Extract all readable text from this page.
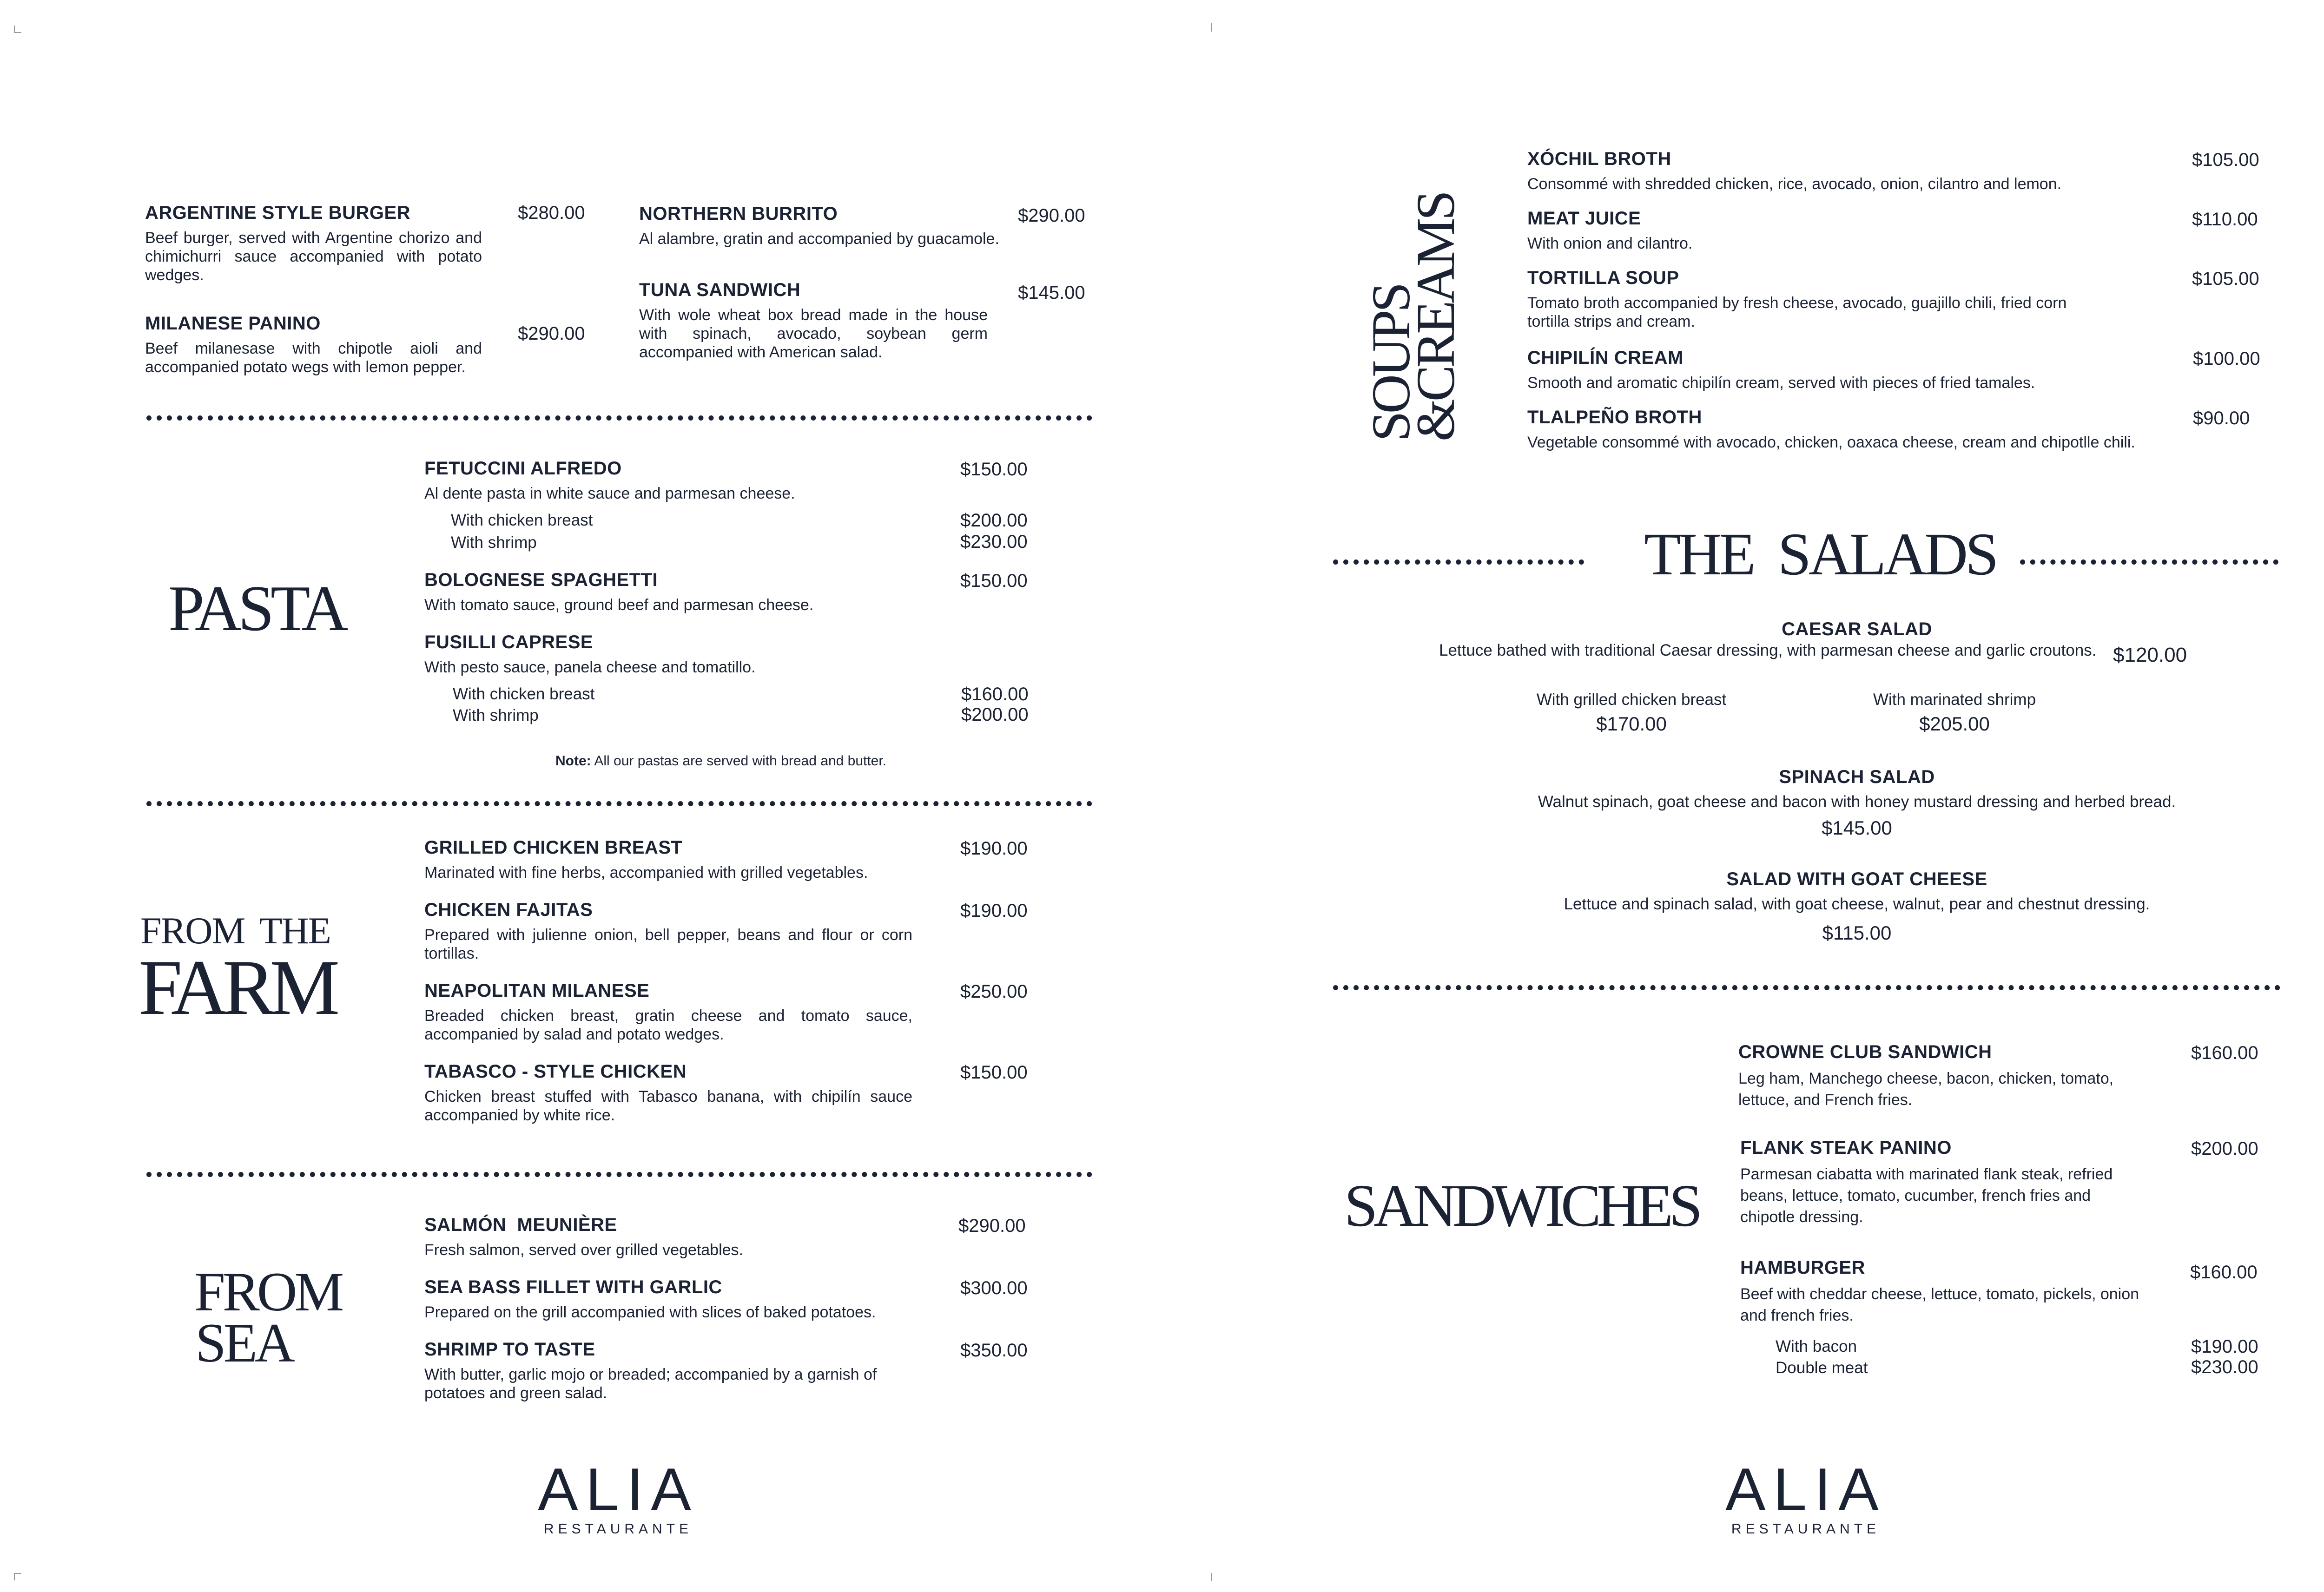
ARGENTINE STYLE BURGER
Beef burger, served with Argentine chorizo and chimichurri sauce accompanied with potato wedges.
$280.00
MILANESE PANINO
Beef milanesase with chipotle aioli and accompanied potato wegs with lemon pepper.
$290.00
NORTHERN BURRITO
Al alambre, gratin and accompanied by guacamole.
$290.00
TUNA SANDWICH
With wole wheat box bread made in the house with spinach, avocado, soybean germ accompanied with American salad.
$145.00
PASTA
FETUCCINI ALFREDO
Al dente pasta in white sauce and parmesan cheese.
$150.00
With chicken breast	$200.00
With shrimp	$230.00
BOLOGNESE SPAGHETTI
With tomato sauce, ground beef and parmesan cheese.
$150.00
FUSILLI CAPRESE
With pesto sauce, panela cheese and tomatillo.
With chicken breast	$160.00
With shrimp	$200.00
Note: All our pastas are served with bread and butter.
FROM THE
FARM
GRILLED CHICKEN BREAST
Marinated with fine herbs, accompanied with grilled vegetables.
$190.00
CHICKEN FAJITAS
Prepared with julienne onion, bell pepper, beans and flour or corn tortillas.
$190.00
NEAPOLITAN MILANESE
Breaded chicken breast, gratin cheese and tomato sauce, accompanied by salad and potato wedges.
$250.00
TABASCO - STYLE CHICKEN
Chicken breast stuffed with Tabasco banana, with chipilín sauce accompanied by white rice.
$150.00
FROM
SEA
SALMÓN  MEUNIÈRE
Fresh salmon, served over grilled vegetables.
$290.00
SEA BASS FILLET WITH GARLIC
Prepared on the grill accompanied with slices of baked potatoes.
$300.00
SHRIMP TO TASTE
With butter, garlic mojo or breaded; accompanied by a garnish of potatoes and green salad.
$350.00
ALIA
RESTAURANTE
SOUPS
&CREAMS
XÓCHIL BROTH
Consommé with shredded chicken, rice, avocado, onion, cilantro and lemon.
$105.00
MEAT JUICE
With onion and cilantro.
$110.00
TORTILLA SOUP
Tomato broth accompanied by fresh cheese, avocado, guajillo chili, fried corn tortilla strips and cream.
$105.00
CHIPILÍN CREAM
Smooth and aromatic chipilín cream, served with pieces of fried tamales.
$100.00
TLALPEÑO BROTH
Vegetable consommé with avocado, chicken, oaxaca cheese, cream and chipotlle chili.
$90.00
THE  SALADS
CAESAR SALAD
Lettuce bathed with traditional Caesar dressing, with parmesan cheese and garlic croutons. $120.00
With grilled chicken breast
$170.00
With marinated shrimp
$205.00
SPINACH SALAD
Walnut spinach, goat cheese and bacon with honey mustard dressing and herbed bread.
$145.00
SALAD WITH GOAT CHEESE
Lettuce and spinach salad, with goat cheese, walnut, pear and chestnut dressing.
$115.00
SANDWICHES
CROWNE CLUB SANDWICH
Leg ham, Manchego cheese, bacon, chicken, tomato, lettuce, and French fries.
$160.00
FLANK STEAK PANINO
Parmesan ciabatta with marinated flank steak, refried beans, lettuce, tomato, cucumber, french fries and chipotle dressing.
$200.00
HAMBURGER
Beef with cheddar cheese, lettuce, tomato, pickels, onion and french fries.
$160.00
With bacon	$190.00
Double meat	$230.00
ALIA
RESTAURANTE
